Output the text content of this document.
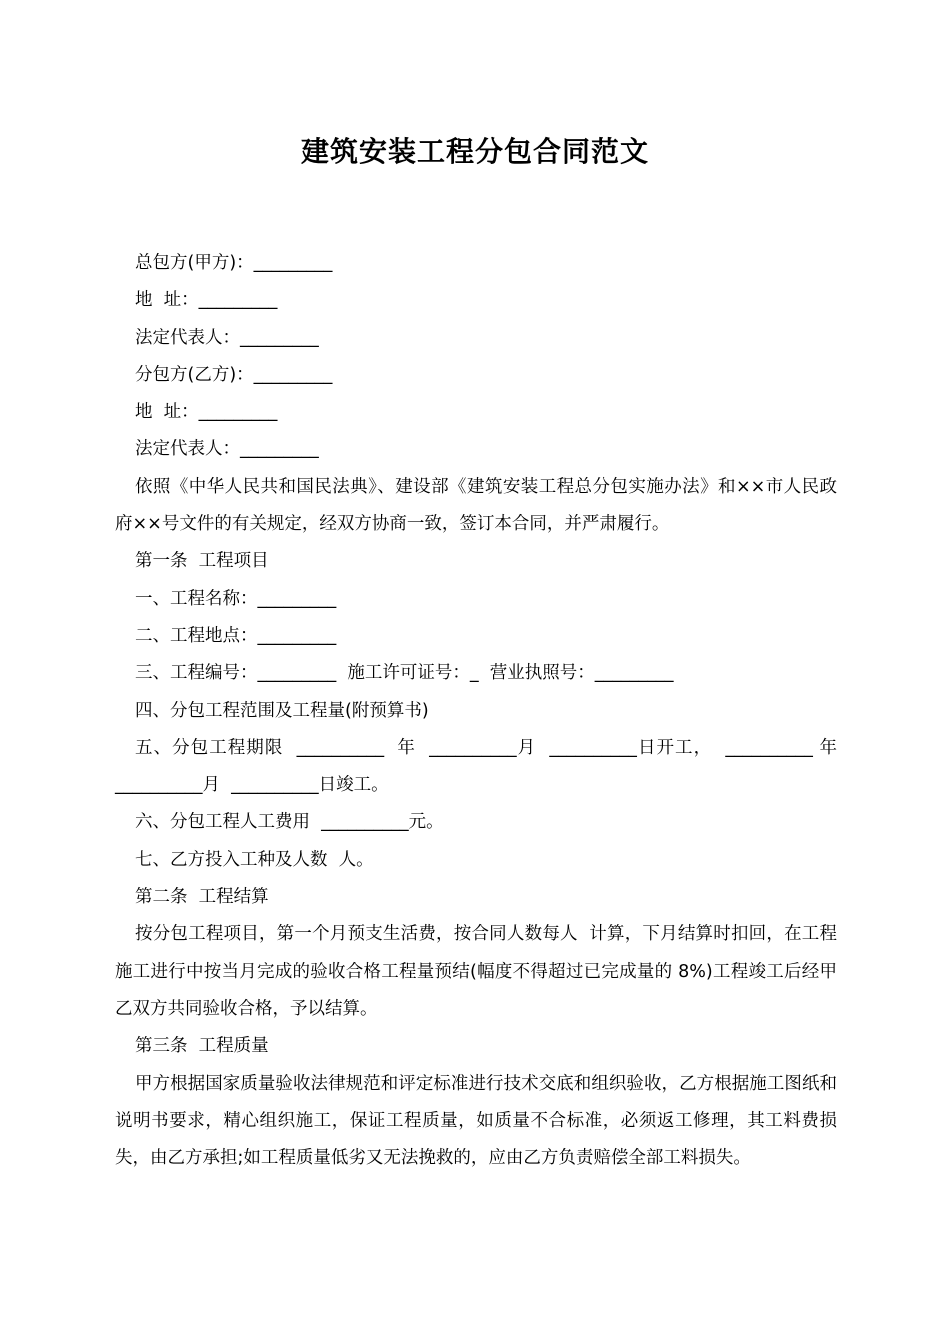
建筑安装工程分包合同范文

总包方(甲方)：_________

地  址：_________

法定代表人：_________

分包方(乙方)：_________

地  址：_________

法定代表人：_________

依照《中华人民共和国民法典》、建设部《建筑安装工程总分包实施办法》和××市人民政府××号文件的有关规定，经双方协商一致，签订本合同，并严肃履行。

第一条  工程项目

一、工程名称：_________

二、工程地点：_________

三、工程编号：_________  施工许可证号：_  营业执照号：_________

四、分包工程范围及工程量(附预算书)

五、分包工程期限  __________  年  __________月  __________日开工，  __________ 年  __________月  __________日竣工。

六、分包工程人工费用  __________元。

七、乙方投入工种及人数  人。

第二条  工程结算

按分包工程项目，第一个月预支生活费，按合同人数每人  计算，下月结算时扣回，在工程施工进行中按当月完成的验收合格工程量预结(幅度不得超过已完成量的 8%)工程竣工后经甲乙双方共同验收合格，予以结算。

第三条  工程质量

甲方根据国家质量验收法律规范和评定标准进行技术交底和组织验收，乙方根据施工图纸和说明书要求，精心组织施工，保证工程质量，如质量不合标准，必须返工修理，其工料费损失，由乙方承担;如工程质量低劣又无法挽救的，应由乙方负责赔偿全部工料损失。
